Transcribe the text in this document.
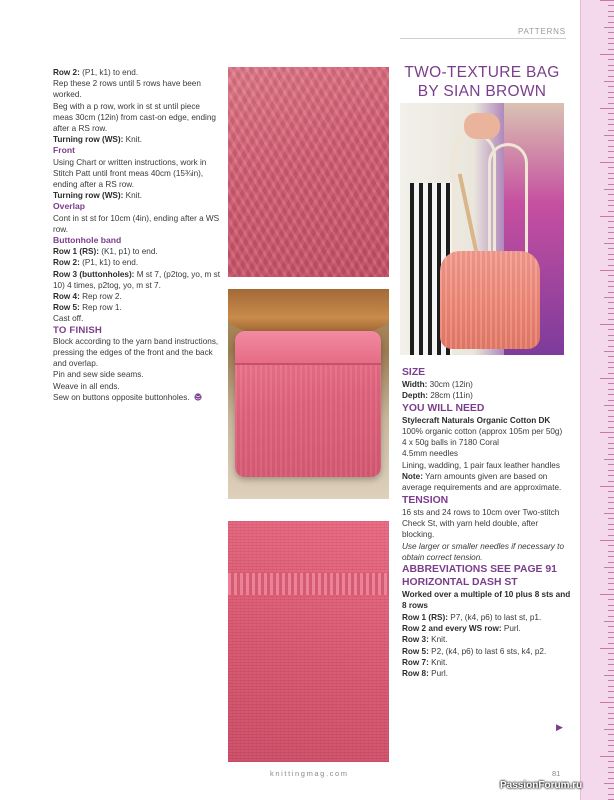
PATTERNS

Row 2: (P1, k1) to end.

Rep these 2 rows until 5 rows have been worked.

Beg with a p row, work in st st until piece meas 30cm (12in) from cast-on edge, ending after a RS row.

Turning row (WS): Knit.

Front

Using Chart or written instructions, work in Stitch Patt until front meas 40cm (15¾in), ending after a RS row.

Turning row (WS): Knit.

Overlap

Cont in st st for 10cm (4in), ending after a WS row.

Buttonhole band

Row 1 (RS): (K1, p1) to end.

Row 2: (P1, k1) to end.

Row 3 (buttonholes): M st 7, (p2tog, yo, m st 10) 4 times, p2tog, yo, m st 7.

Row 4: Rep row 2.

Row 5: Rep row 1.

Cast off.

TO FINISH

Block according to the yarn band instructions, pressing the edges of the front and the back and overlap.

Pin and sew side seams.

Weave in all ends.

Sew on buttons opposite buttonholes.

TWO-TEXTURE BAG
BY SIAN BROWN

SIZE

Width: 30cm (12in)

Depth: 28cm (11in)

YOU WILL NEED

Stylecraft Naturals Organic Cotton DK

100% organic cotton (approx 105m per 50g)

4 x 50g balls in 7180 Coral

4.5mm needles

Lining, wadding, 1 pair faux leather handles

Note: Yarn amounts given are based on average requirements and are approximate.

TENSION

16 sts and 24 rows to 10cm over Two-stitch Check St, with yarn held double, after blocking.

Use larger or smaller needles if necessary to obtain correct tension.

ABBREVIATIONS SEE PAGE 91

HORIZONTAL DASH ST

Worked over a multiple of 10 plus 8 sts and 8 rows

Row 1 (RS): P7, (k4, p6) to last st, p1.

Row 2 and every WS row: Purl.

Row 3: Knit.

Row 5: P2, (k4, p6) to last 6 sts, k4, p2.

Row 7: Knit.

Row 8: Purl.

▶
knittingmag.com	81
PassionForum.ru
